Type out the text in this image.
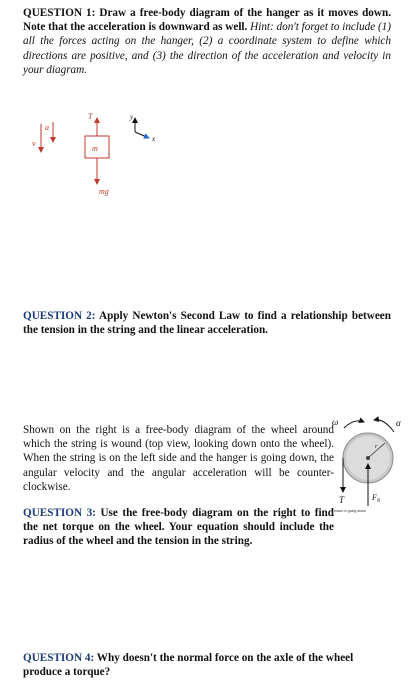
QUESTION 1: Draw a free-body diagram of the hanger as it moves down. Note that the acceleration is downward as well. Hint: don't forget to include (1) all the forces acting on the hanger, (2) a coordinate system to define which directions are positive, and (3) the direction of the acceleration and velocity in your diagram.
v
a
T
m
mg
y
x
QUESTION 2: Apply Newton's Second Law to find a relationship between the tension in the string and the linear acceleration.
Shown on the right is a free-body diagram of the wheel around which the string is wound (top view, looking down onto the wheel). When the string is on the left side and the hanger is going down, the angular velocity and the angular acceleration will be counter-clockwise.
ω	α
r
T	$F_N$
mass m going down
QUESTION 3: Use the free-body diagram on the right to find the net torque on the wheel. Your equation should include the radius of the wheel and the tension in the string.
QUESTION 4: Why doesn't the normal force on the axle of the wheel produce a torque?
